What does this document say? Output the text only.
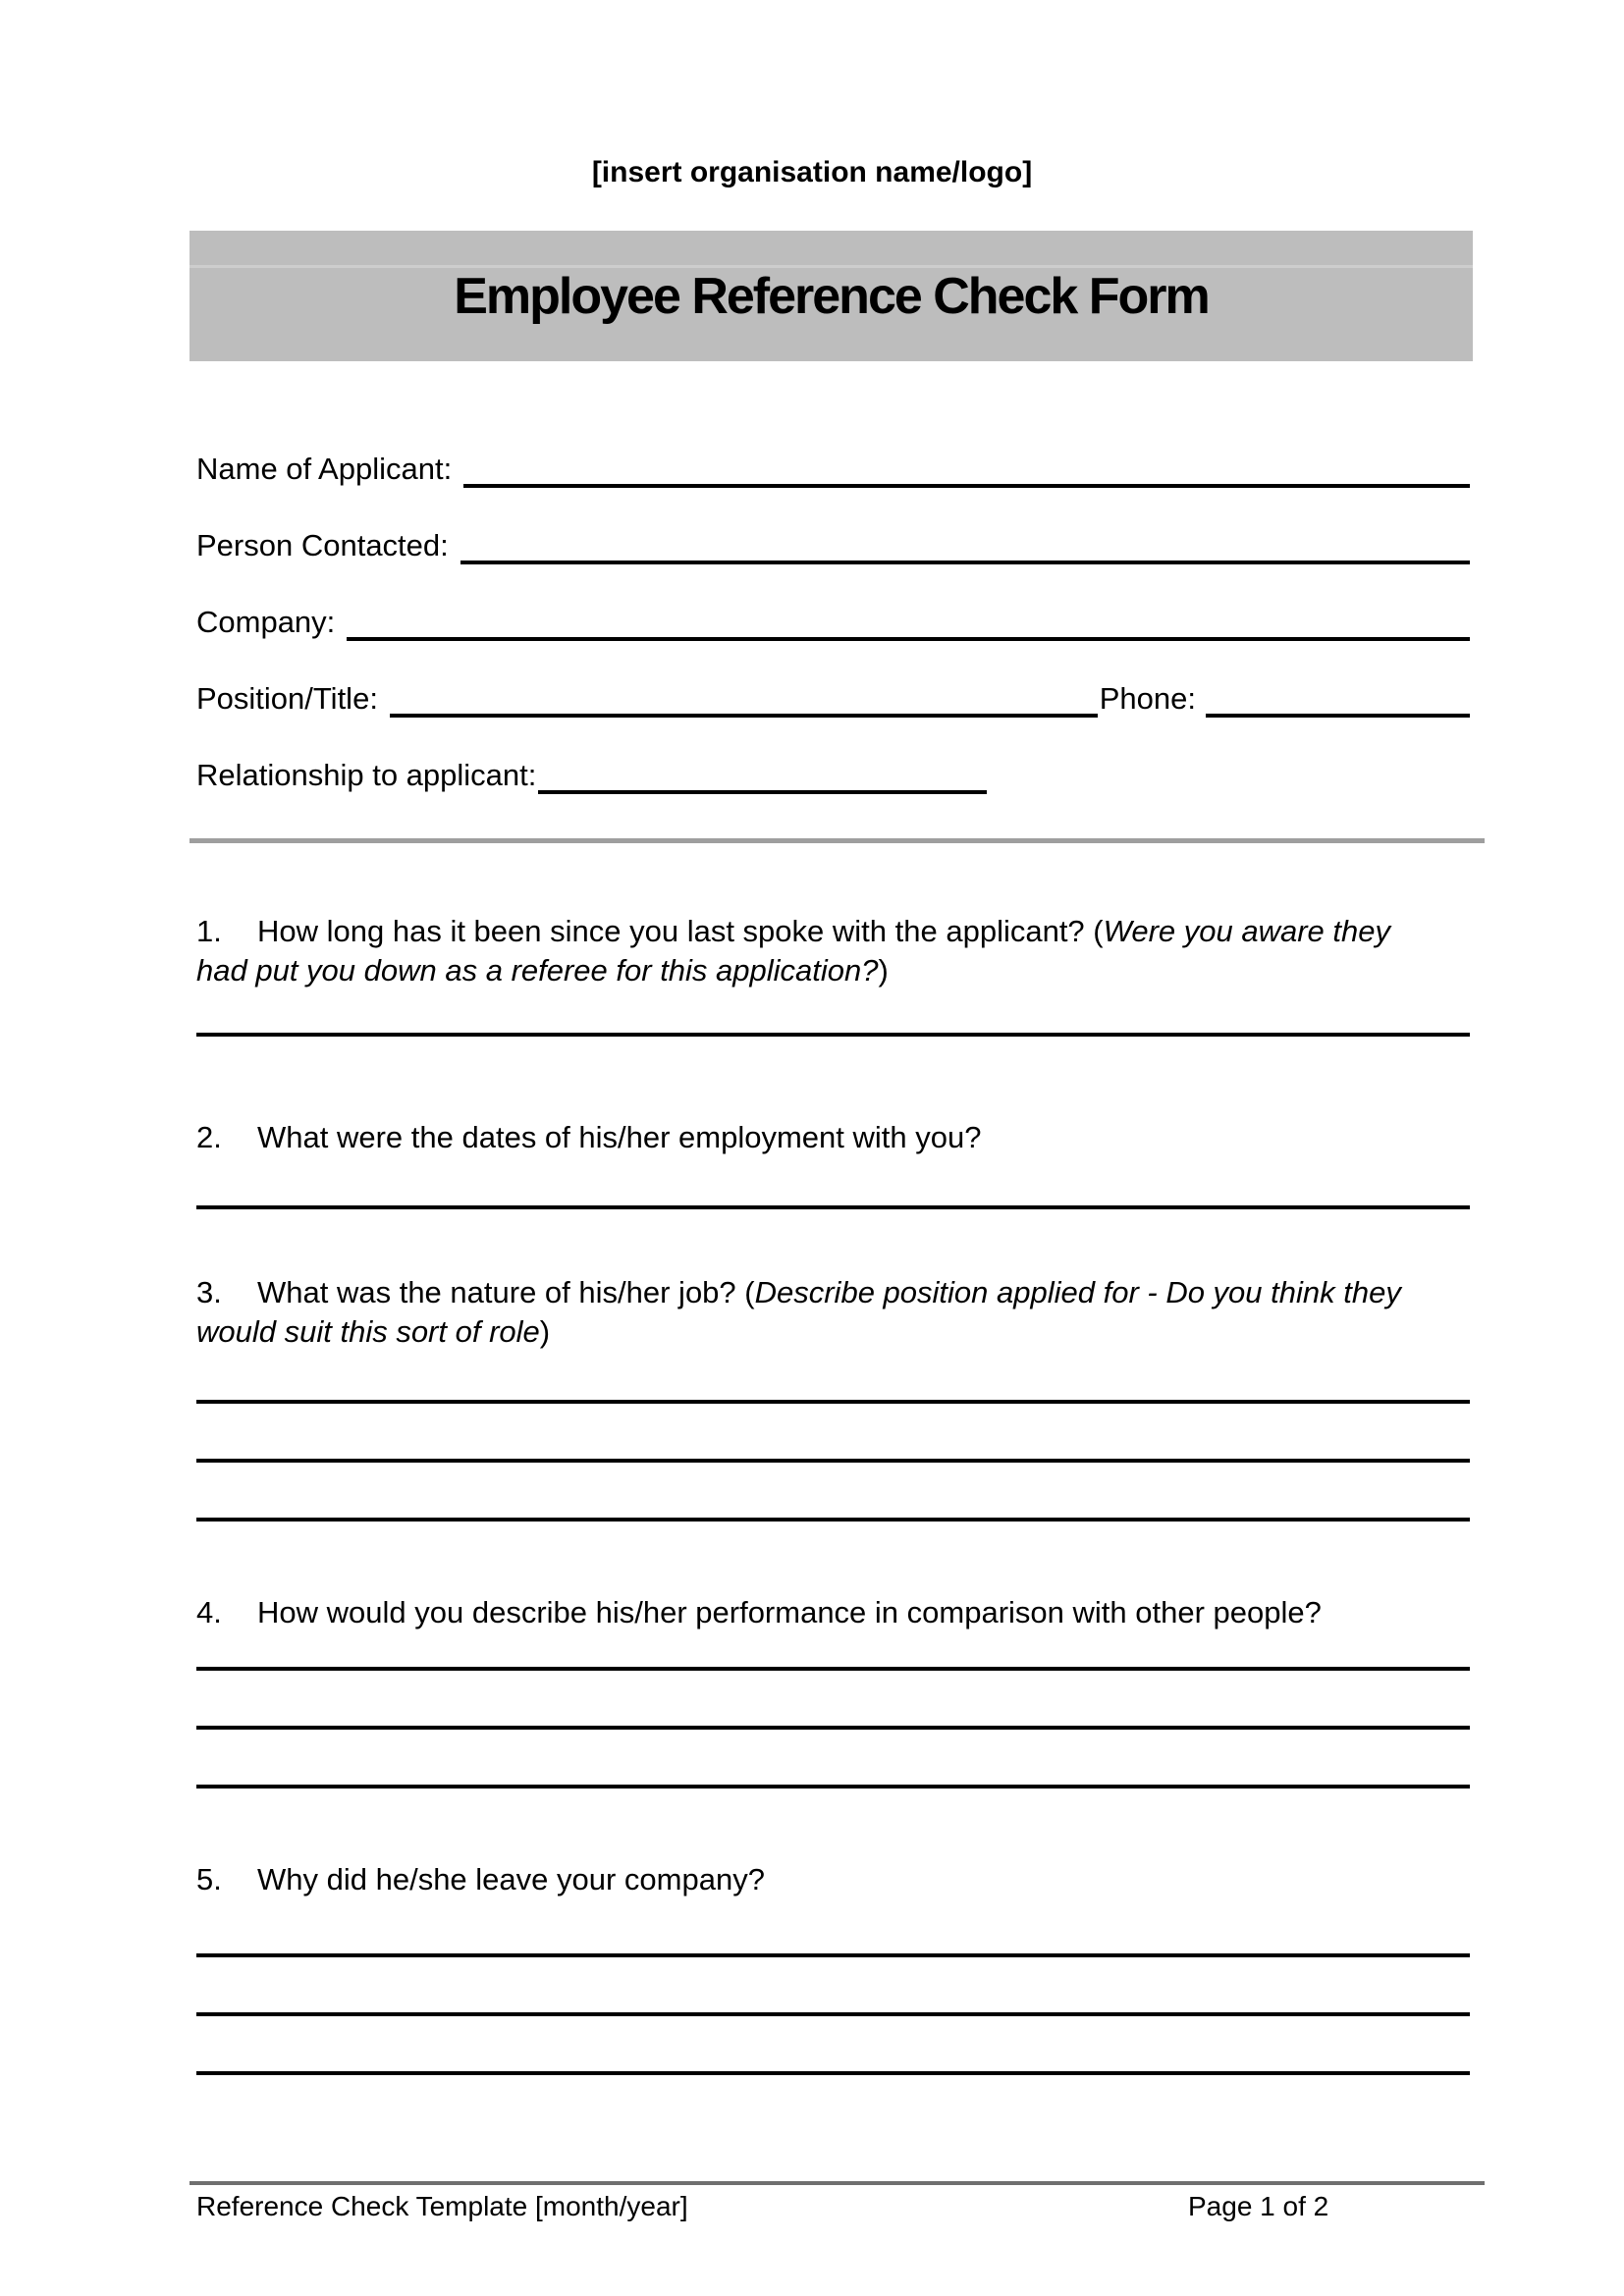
[insert organisation name/logo]
Employee Reference Check Form
Name of Applicant:
Person Contacted:
Company:
Position/Title:	Phone:
Relationship to applicant:

1. How long has it been since you last spoke with the applicant? (Were you aware they
had put you down as a referee for this application?)

2. What were the dates of his/her employment with you?

3. What was the nature of his/her job? (Describe position applied for - Do you think they
would suit this sort of role)

4. How would you describe his/her performance in comparison with other people?

5. Why did he/she leave your company?

Reference Check Template [month/year]	Page 1 of 2
